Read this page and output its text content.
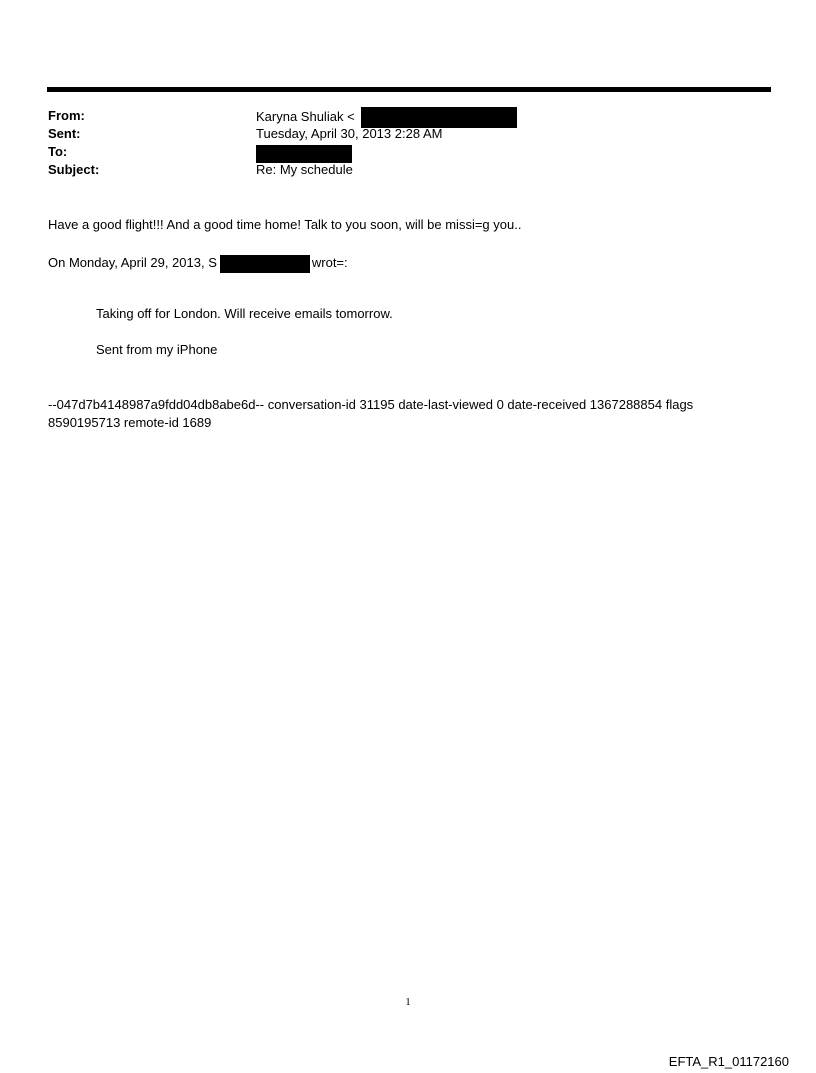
From:	Karyna Shuliak <
Sent:	Tuesday, April 30, 2013 2:28 AM
To:
Subject:	Re: My schedule
Have a good flight!!! And a good time home! Talk to you soon, will be missi=g you..
On Monday, April 29, 2013, S	wrot=:
Taking off for London. Will receive emails tomorrow.
Sent from my iPhone
--047d7b4148987a9fdd04db8abe6d-- conversation-id 31195 date-last-viewed 0 date-received 1367288854 flags 8590195713 remote-id 1689
1
EFTA_R1_01172160
